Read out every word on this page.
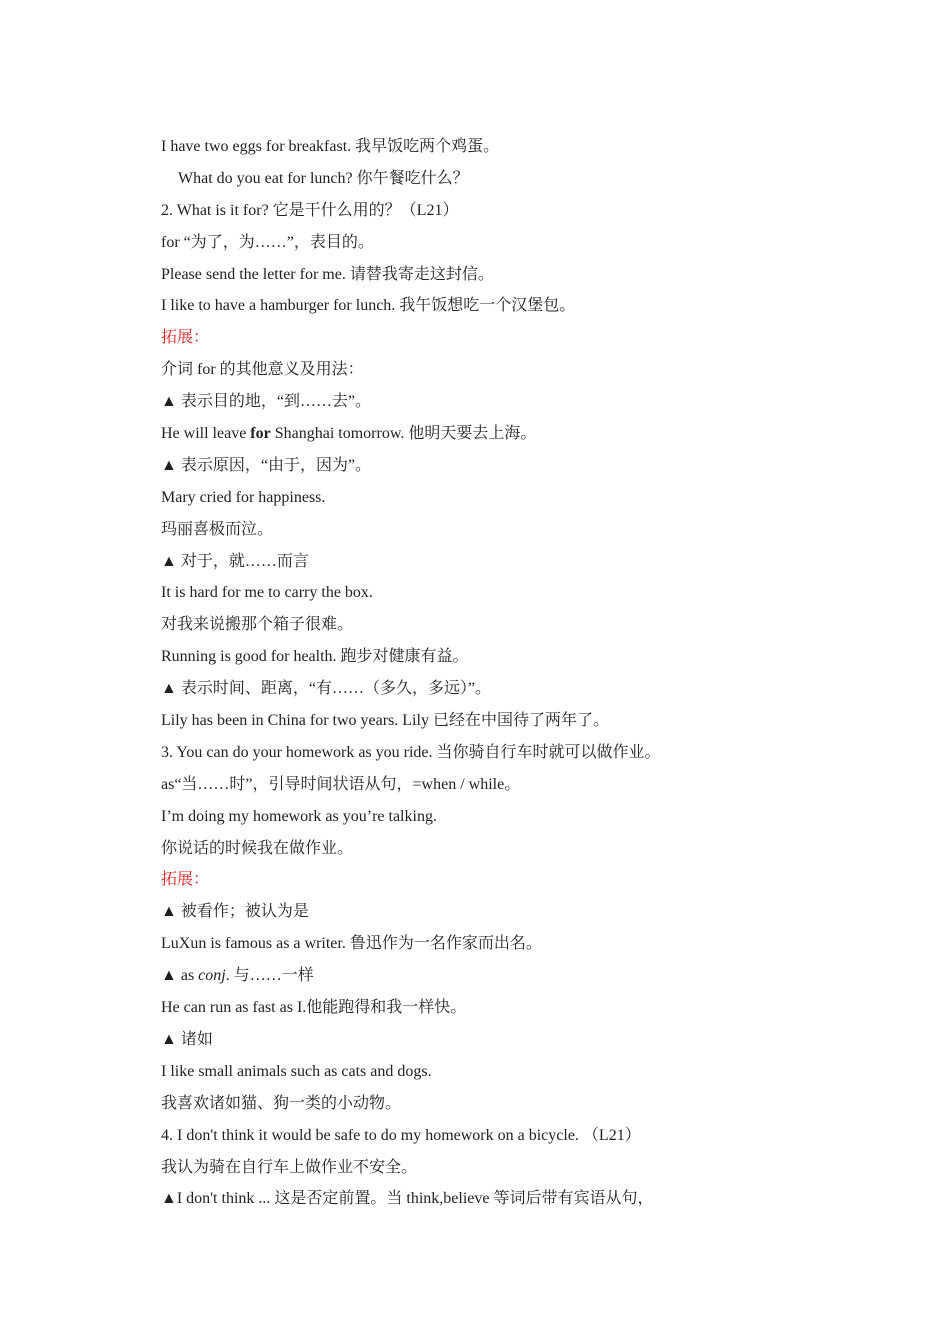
I have two eggs for breakfast. 我早饭吃两个鸡蛋。
What do you eat for lunch? 你午餐吃什么？
2. What is it for? 它是干什么用的？（L21）
for “为了，为……”，表目的。
Please send the letter for me. 请替我寄走这封信。
I like to have a hamburger for lunch. 我午饭想吃一个汉堡包。
拓展：
介词 for 的其他意义及用法：
▲ 表示目的地，“到……去”。
He will leave for Shanghai tomorrow. 他明天要去上海。
▲ 表示原因，“由于，因为”。
Mary cried for happiness.
玛丽喜极而泣。
▲ 对于，就……而言
It is hard for me to carry the box.
对我来说搬那个箱子很难。
Running is good for health. 跑步对健康有益。
▲ 表示时间、距离，“有……（多久，多远）”。
Lily has been in China for two years. Lily 已经在中国待了两年了。
3. You can do your homework as you ride. 当你骑自行车时就可以做作业。
as“当……时”，引导时间状语从句，=when / while。
I’m doing my homework as you’re talking.
你说话的时候我在做作业。
拓展：
▲ 被看作；被认为是
LuXun is famous as a writer. 鲁迅作为一名作家而出名。
▲ as conj. 与……一样
He can run as fast as I.他能跑得和我一样快。
▲ 诸如
I like small animals such as cats and dogs.
我喜欢诸如猫、狗一类的小动物。
4. I don't think it would be safe to do my homework on a bicycle. （L21）
我认为骑在自行车上做作业不安全。
▲I don't think ... 这是否定前置。当 think,believe 等词后带有宾语从句，
